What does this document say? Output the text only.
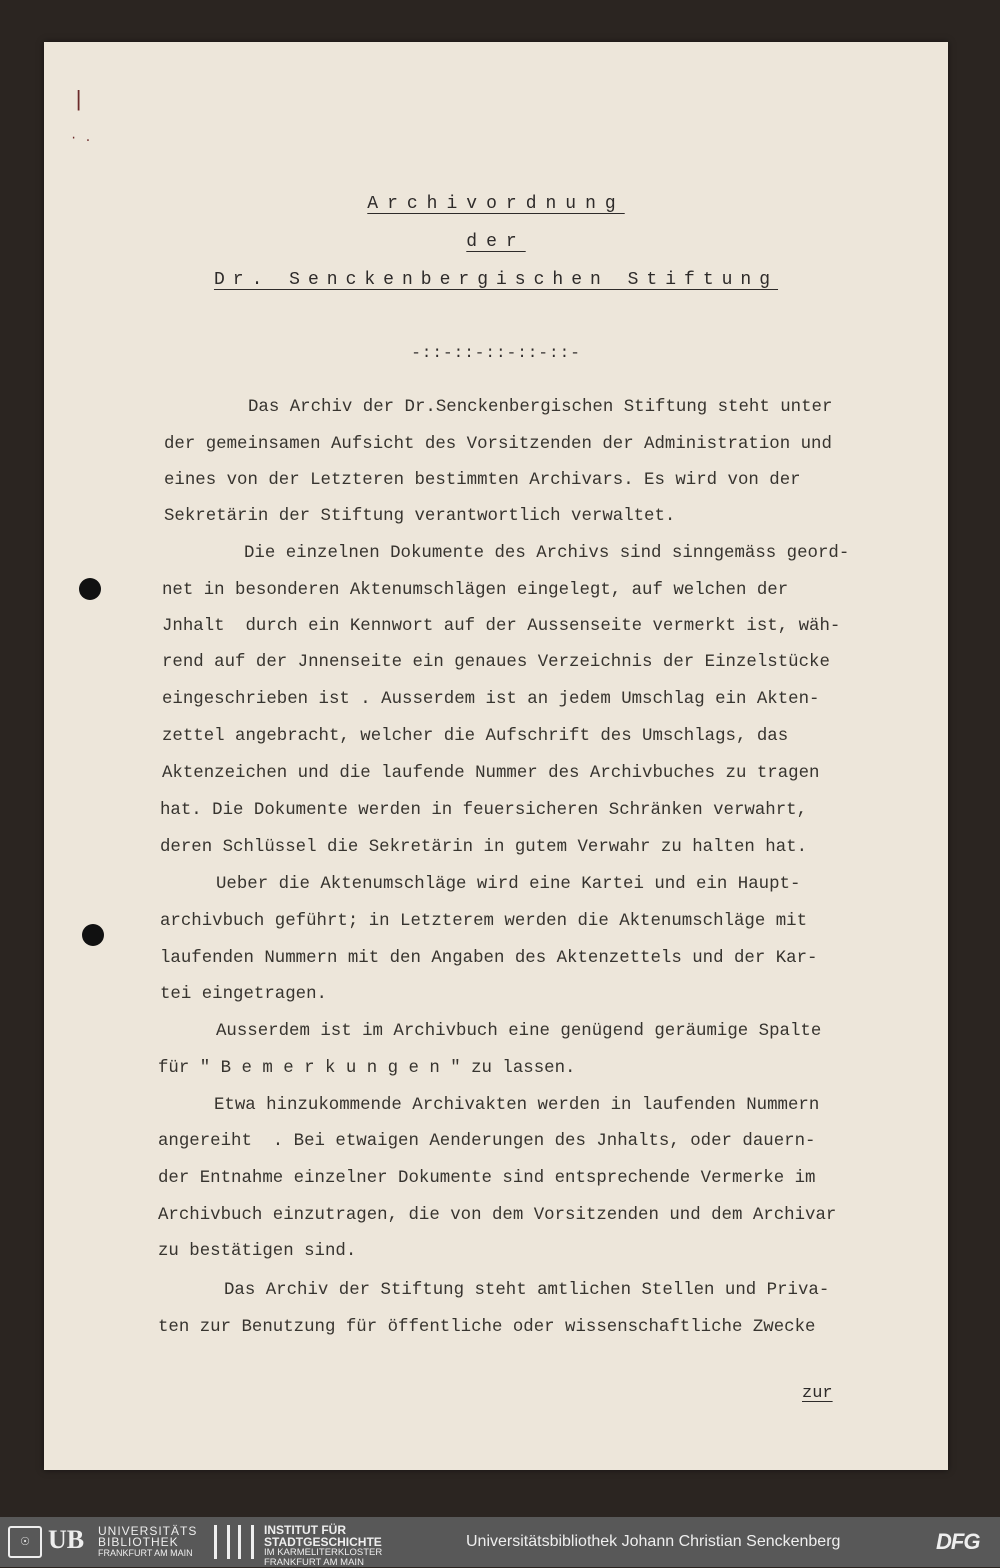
|
· .
Archivordnung
der
Dr. Senckenbergischen Stiftung
-::-::-::-::-::-
Das Archiv der Dr.Senckenbergischen Stiftung steht unter
der gemeinsamen Aufsicht des Vorsitzenden der Administration und
eines von der Letzteren bestimmten Archivars. Es wird von der
Sekretärin der Stiftung verantwortlich verwaltet.
Die einzelnen Dokumente des Archivs sind sinngemäss geord-
net in besonderen Aktenumschlägen eingelegt, auf welchen der
Jnhalt  durch ein Kennwort auf der Aussenseite vermerkt ist, wäh-
rend auf der Jnnenseite ein genaues Verzeichnis der Einzelstücke
eingeschrieben ist . Ausserdem ist an jedem Umschlag ein Akten-
zettel angebracht, welcher die Aufschrift des Umschlags, das
Aktenzeichen und die laufende Nummer des Archivbuches zu tragen
hat. Die Dokumente werden in feuersicheren Schränken verwahrt,
deren Schlüssel die Sekretärin in gutem Verwahr zu halten hat.
Ueber die Aktenumschläge wird eine Kartei und ein Haupt-
archivbuch geführt; in Letzterem werden die Aktenumschläge mit
laufenden Nummern mit den Angaben des Aktenzettels und der Kar-
tei eingetragen.
Ausserdem ist im Archivbuch eine genügend geräumige Spalte
für " B e m e r k u n g e n " zu lassen.
Etwa hinzukommende Archivakten werden in laufenden Nummern
angereiht  . Bei etwaigen Aenderungen des Jnhalts, oder dauern-
der Entnahme einzelner Dokumente sind entsprechende Vermerke im
Archivbuch einzutragen, die von dem Vorsitzenden und dem Archivar
zu bestätigen sind.
Das Archiv der Stiftung steht amtlichen Stellen und Priva-
ten zur Benutzung für öffentliche oder wissenschaftliche Zwecke
zur
☉ UB UNIVERSITÄTS
BIBLIOTHEK
FRANKFURT AM MAIN
INSTITUT FÜR
STADTGESCHICHTE
IM KARMELITERKLOSTER
FRANKFURT AM MAIN
Universitätsbibliothek Johann Christian Senckenberg	DFG
